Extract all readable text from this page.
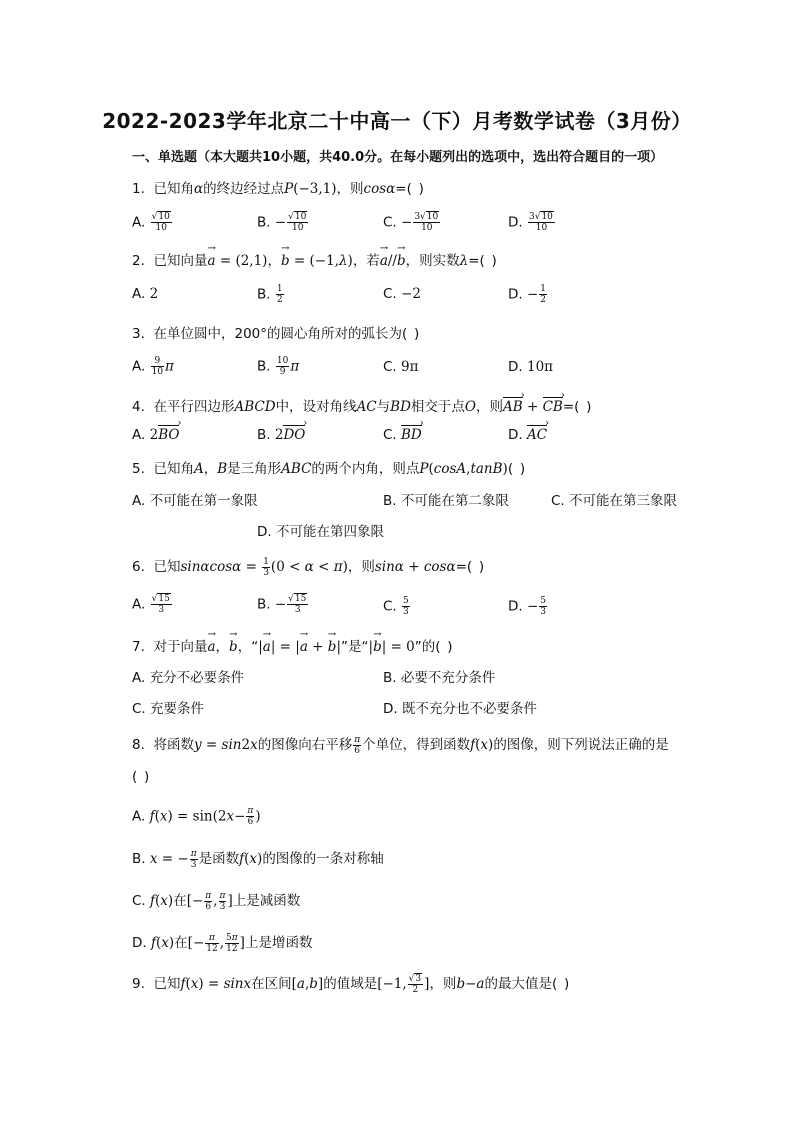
2022-2023学年北京二十中高一（下）月考数学试卷（3月份）
一、单选题（本大题共10小题，共40.0分。在每小题列出的选项中，选出符合题目的一项）
1. 已知角α的终边经过点P(−3,1)，则cosα=( )
A. $\frac{√10}{10}$	B. − $\frac{√10}{10}$	C. − $\frac{3√10}{10}$	D. $\frac{3√10}{10}$
2. 已知向量→ a = (2,1)，→ b = (−1,λ)，若→ a//→ b，则实数λ=( )
A. 2	B. $\frac{1}{2}$	C. −2	D. − $\frac{1}{2}$
3. 在单位圆中，200°的圆心角所对的弧长为( )
A. $\frac{9}{10}$ π	B. $\frac{10}{9}$ π	C. 9π	D. 10π
4. 在平行四边形ABCD中，设对角线AC与BD相交于点O，则AB › + CB ›=( )
A. 2BO ›	B. 2DO ›	C. BD ›	D. AC ›
5. 已知角A，B是三角形ABC的两个内角，则点P(cosA,tanB)( )
A. 不可能在第一象限	B. 不可能在第二象限	C. 不可能在第三象限
D. 不可能在第四象限
6. 已知$\sin\alpha\cos\alpha = \frac{1}{3} (0 < \alpha < \pi)$，则sinα + cosα=( )
A. $\frac{√15}{3}$	B. − $\frac{√15}{3}$	C. $\frac{5}{3}$	D. − $\frac{5}{3}$
7. 对于向量→ a，→ b，“|→ a| = |→ a + → b|”是“|→ b| = 0”的( )
A. 充分不必要条件	B. 必要不充分条件
C. 充要条件	D. 既不充分也不必要条件
8. 将函数y = sin2x的图像向右平移 $\frac{\pi}{6}$ 个单位，得到函数f(x)的图像，则下列说法正确的是
( )
A. $f(x) = \sin(2x- \frac{\pi}{6}$ )
B. x = − $\frac{\pi}{3}$ 是函数f(x)的图像的一条对称轴
C. f(x)在[− $\frac{\pi}{6}$ , $\frac{\pi}{3}$ ]上是减函数
D. f(x)在[− $\frac{\pi}{12}$ , $\frac{5\pi}{12}$ ]上是增函数
9. 已知f(x) = sinx在区间[a,b]的值域是[−1, $\frac{√3}{2}$ ]，则b−a的最大值是( )
